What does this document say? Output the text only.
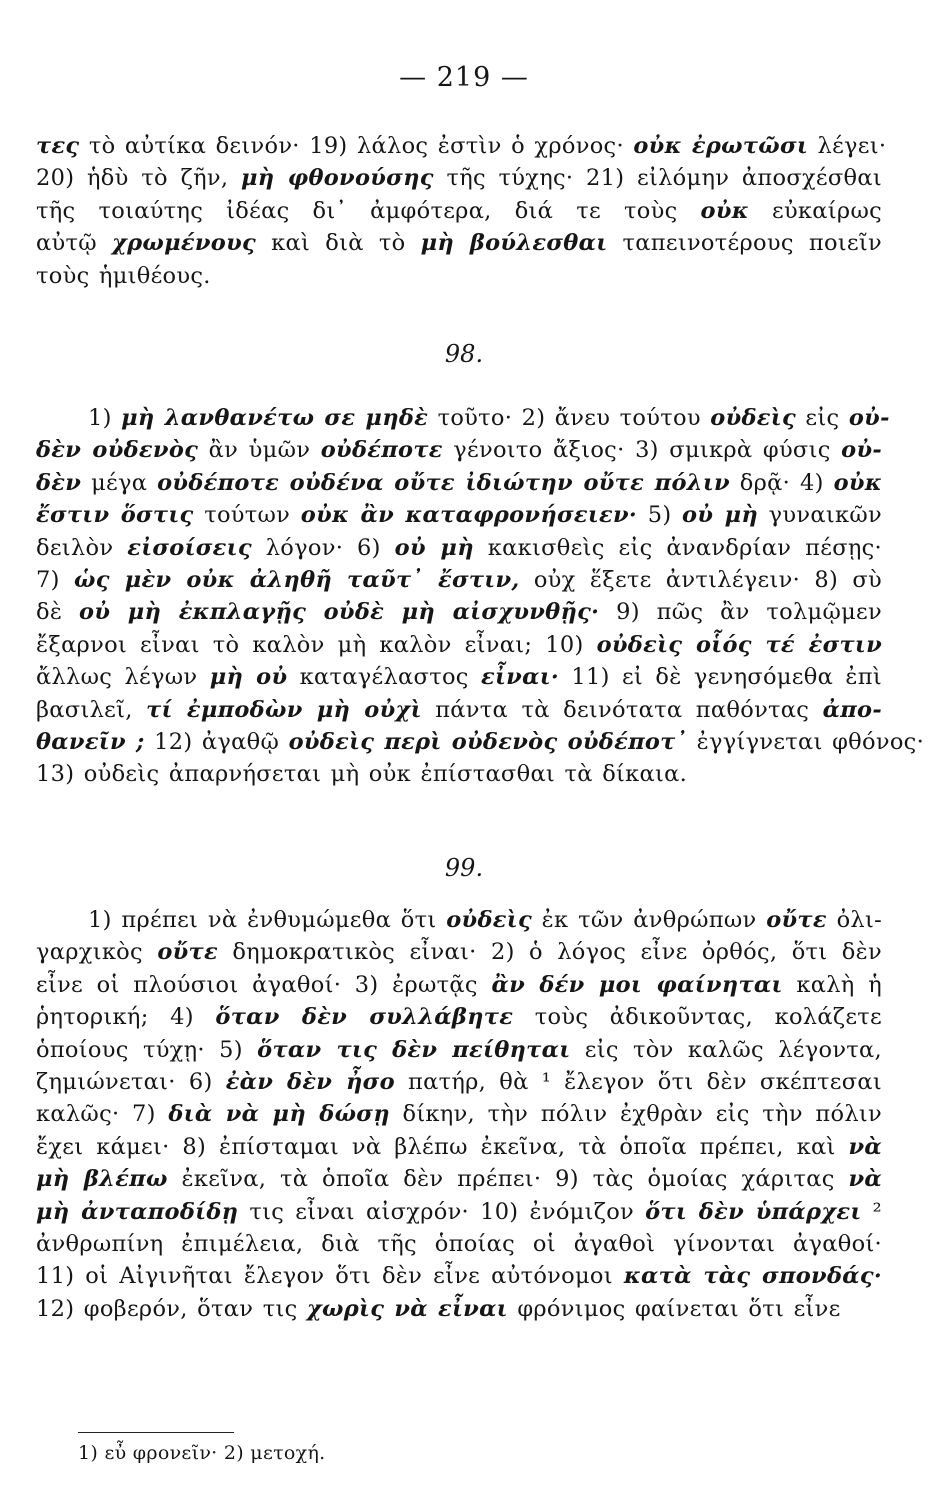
— 219 —
τες τὸ αὐτίκα δεινόν· 19) λάλος ἐστὶν ὁ χρόνος· οὐκ ἐρωτῶσι λέγει·
20) ἡδὺ τὸ ζῆν, μὴ φθονούσης τῆς τύχης· 21) εἰλόμην ἀποσχέσθαι
τῆς τοιαύτης ἰδέας δι᾽ ἀμφότερα, διά τε τοὺς οὐκ εὐκαίρως
αὐτῷ χρωμένους καὶ διὰ τὸ μὴ βούλεσθαι ταπεινοτέρους ποιεῖν
τοὺς ἡμιθέους.
98.
1) μὴ λανθανέτω σε μηδὲ τοῦτο· 2) ἄνευ τούτου οὐδεὶς εἰς οὐ-
δὲν οὐδενὸς ἂν ὑμῶν οὐδέποτε γένοιτο ἄξιος· 3) σμικρὰ φύσις οὐ-
δὲν μέγα οὐδέποτε οὐδένα οὔτε ἰδιώτην οὔτε πόλιν δρᾷ· 4) οὐκ
ἔστιν ὅστις τούτων οὐκ ἂν καταφρονήσειεν· 5) οὐ μὴ γυναικῶν
δειλὸν εἰσοίσεις λόγον· 6) οὐ μὴ κακισθεὶς εἰς ἀνανδρίαν πέσῃς·
7) ὡς μὲν οὐκ ἀληθῆ ταῦτ᾽ ἔστιν, οὐχ ἕξετε ἀντιλέγειν· 8) σὺ
δὲ οὐ μὴ ἐκπλαγῇς οὐδὲ μὴ αἰσχυνθῇς· 9) πῶς ἂν τολμῷμεν
ἔξαρνοι εἶναι τὸ καλὸν μὴ καλὸν εἶναι; 10) οὐδεὶς οἷός τέ ἐστιν
ἄλλως λέγων μὴ οὐ καταγέλαστος εἶναι· 11) εἰ δὲ γενησόμεθα ἐπὶ
βασιλεῖ, τί ἐμποδὼν μὴ οὐχὶ πάντα τὰ δεινότατα παθόντας ἀπο-
θανεῖν ; 12) ἀγαθῷ οὐδεὶς περὶ οὐδενὸς οὐδέποτ᾽ ἐγγίγνεται φθόνος·
13) οὐδεὶς ἀπαρνήσεται μὴ οὐκ ἐπίστασθαι τὰ δίκαια.
99.
1) πρέπει νὰ ἐνθυμώμεθα ὅτι οὐδεὶς ἐκ τῶν ἀνθρώπων οὔτε ὀλι-
γαρχικὸς οὔτε δημοκρατικὸς εἶναι· 2) ὁ λόγος εἶνε ὀρθός, ὅτι δὲν
εἶνε οἱ πλούσιοι ἀγαθοί· 3) ἐρωτᾷς ἂν δέν μοι φαίνηται καλὴ ἡ
ῥητορική; 4) ὅταν δὲν συλλάβητε τοὺς ἀδικοῦντας, κολάζετε
ὁποίους τύχῃ· 5) ὅταν τις δὲν πείθηται εἰς τὸν καλῶς λέγοντα,
ζημιώνεται· 6) ἐὰν δὲν ἦσο πατήρ, θὰ ¹ ἔλεγον ὅτι δὲν σκέπτεσαι
καλῶς· 7) διὰ νὰ μὴ δώσῃ δίκην, τὴν πόλιν ἐχθρὰν εἰς τὴν πόλιν
ἔχει κάμει· 8) ἐπίσταμαι νὰ βλέπω ἐκεῖνα, τὰ ὁποῖα πρέπει, καὶ νὰ
μὴ βλέπω ἐκεῖνα, τὰ ὁποῖα δὲν πρέπει· 9) τὰς ὁμοίας χάριτας νὰ
μὴ ἀνταποδίδῃ τις εἶναι αἰσχρόν· 10) ἐνόμιζον ὅτι δὲν ὑπάρχει ²
ἀνθρωπίνη ἐπιμέλεια, διὰ τῆς ὁποίας οἱ ἀγαθοὶ γίνονται ἀγαθοί·
11) οἱ Αἰγινῆται ἔλεγον ὅτι δὲν εἶνε αὐτόνομοι κατὰ τὰς σπονδάς·
12) φοβερόν, ὅταν τις χωρὶς νὰ εἶναι φρόνιμος φαίνεται ὅτι εἶνε
1) εὖ φρονεῖν· 2) μετοχή.
